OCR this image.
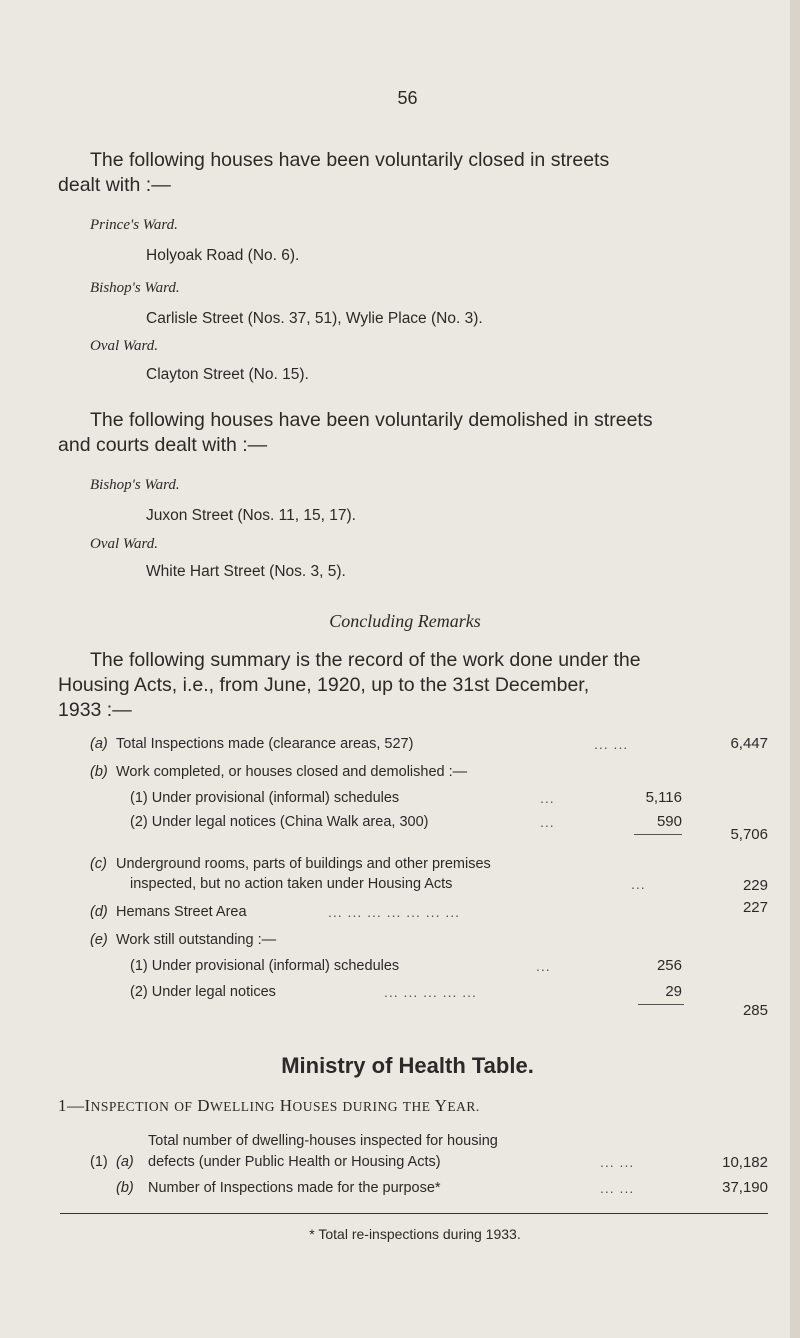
56
The following houses have been voluntarily closed in streets
dealt with :—
Prince's Ward.
Holyoak Road (No. 6).
Bishop's Ward.
Carlisle Street (Nos. 37, 51), Wylie Place (No. 3).
Oval Ward.
Clayton Street (No. 15).
The following houses have been voluntarily demolished in streets
and courts dealt with :—
Bishop's Ward.
Juxon Street (Nos. 11, 15, 17).
Oval Ward.
White Hart Street (Nos. 3, 5).
Concluding Remarks
The following summary is the record of the work done under the
Housing Acts, i.e., from June, 1920, up to the 31st December,
1933 :—
(a) Total Inspections made (clearance areas, 527)	... ...	6,447
(b) Work completed, or houses closed and demolished :—
(1) Under provisional (informal) schedules	...	5,116
(2) Under legal notices (China Walk area, 300)	...	590
5,706
(c) Underground rooms, parts of buildings and other premises
inspected, but no action taken under Housing Acts	...	229
(d) Hemans Street Area	... ... ... ... ... ... ...	227
(e) Work still outstanding :—
(1) Under provisional (informal) schedules	...	256
(2) Under legal notices	... ... ... ... ...	29
285
Ministry of Health Table.
1—INSPECTION OF DWELLING HOUSES DURING THE YEAR.
(1) (a)
Total number of dwelling-houses inspected for housing
defects (under Public Health or Housing Acts)	... ...	10,182
(b) Number of Inspections made for the purpose*	... ...	37,190
* Total re-inspections during 1933.
